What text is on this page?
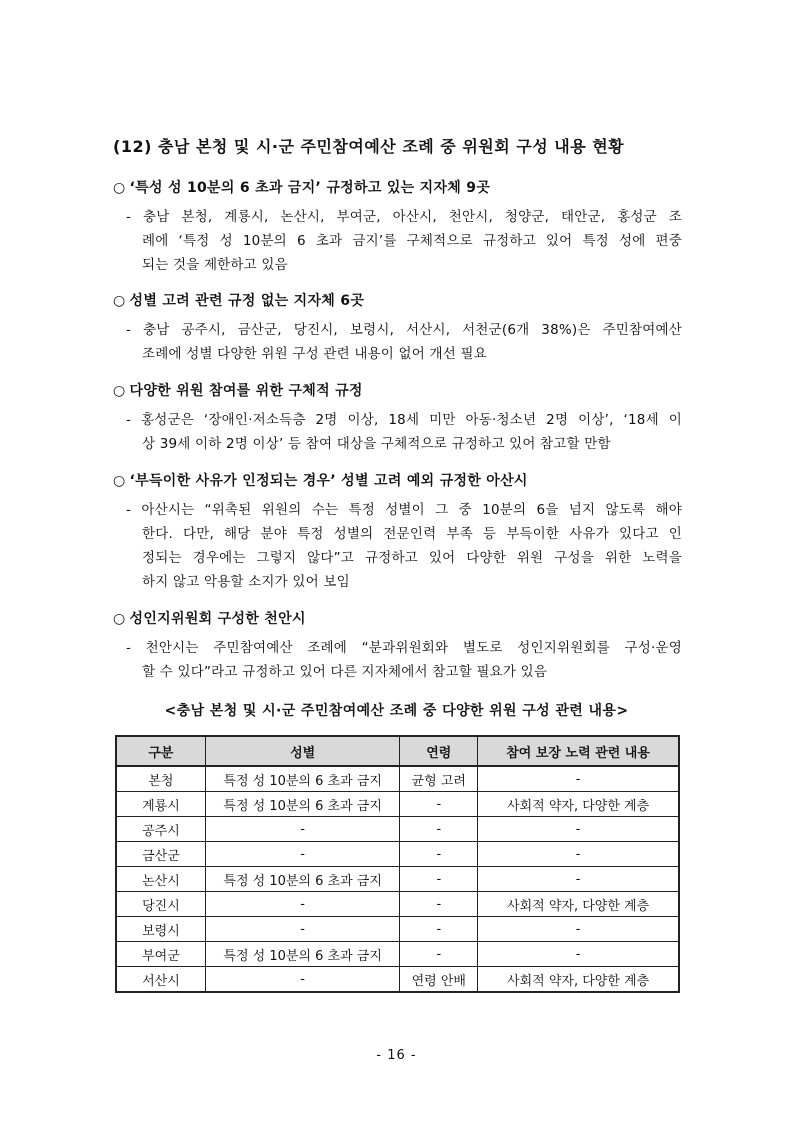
(12) 충남 본청 및 시·군 주민참여예산 조례 중 위원회 구성 내용 현황
○ ‘특성 성 10분의 6 초과 금지’ 규정하고 있는 지자체 9곳
- 충남 본청, 계룡시, 논산시, 부여군, 아산시, 천안시, 청양군, 태안군, 홍성군 조
례에 ‘특정 성 10분의 6 초과 금지’를 구체적으로 규정하고 있어 특정 성에 편중
되는 것을 제한하고 있음
○ 성별 고려 관련 규정 없는 지자체 6곳
- 충남 공주시, 금산군, 당진시, 보령시, 서산시, 서천군(6개 38%)은 주민참여예산
조례에 성별 다양한 위원 구성 관련 내용이 없어 개선 필요
○ 다양한 위원 참여를 위한 구체적 규정
- 홍성군은 ‘장애인·저소득층 2명 이상, 18세 미만 아동·청소년 2명 이상’, ‘18세 이
상 39세 이하 2명 이상’ 등 참여 대상을 구체적으로 규정하고 있어 참고할 만함
○ ‘부득이한 사유가 인정되는 경우’ 성별 고려 예외 규정한 아산시
- 아산시는 “위촉된 위원의 수는 특정 성별이 그 중 10분의 6을 넘지 않도록 해야
한다. 다만, 해당 분야 특정 성별의 전문인력 부족 등 부득이한 사유가 있다고 인
정되는 경우에는 그렇지 않다”고 규정하고 있어 다양한 위원 구성을 위한 노력을
하지 않고 악용할 소지가 있어 보임
○ 성인지위원회 구성한 천안시
- 천안시는 주민참여예산 조례에 “분과위원회와 별도로 성인지위원회를 구성·운영
할 수 있다”라고 규정하고 있어 다른 지자체에서 참고할 필요가 있음
<충남 본청 및 시·군 주민참여예산 조례 중 다양한 위원 구성 관련 내용>
구분	성별	연령	참여 보장 노력 관련 내용
본청	특정 성 10분의 6 초과 금지	균형 고려	-
계룡시	특정 성 10분의 6 초과 금지	-	사회적 약자, 다양한 계층
공주시	-	-	-
금산군	-	-	-
논산시	특정 성 10분의 6 초과 금지	-	-
당진시	-	-	사회적 약자, 다양한 계층
보령시	-	-	-
부여군	특정 성 10분의 6 초과 금지	-	-
서산시	-	연령 안배	사회적 약자, 다양한 계층
- 16 -
